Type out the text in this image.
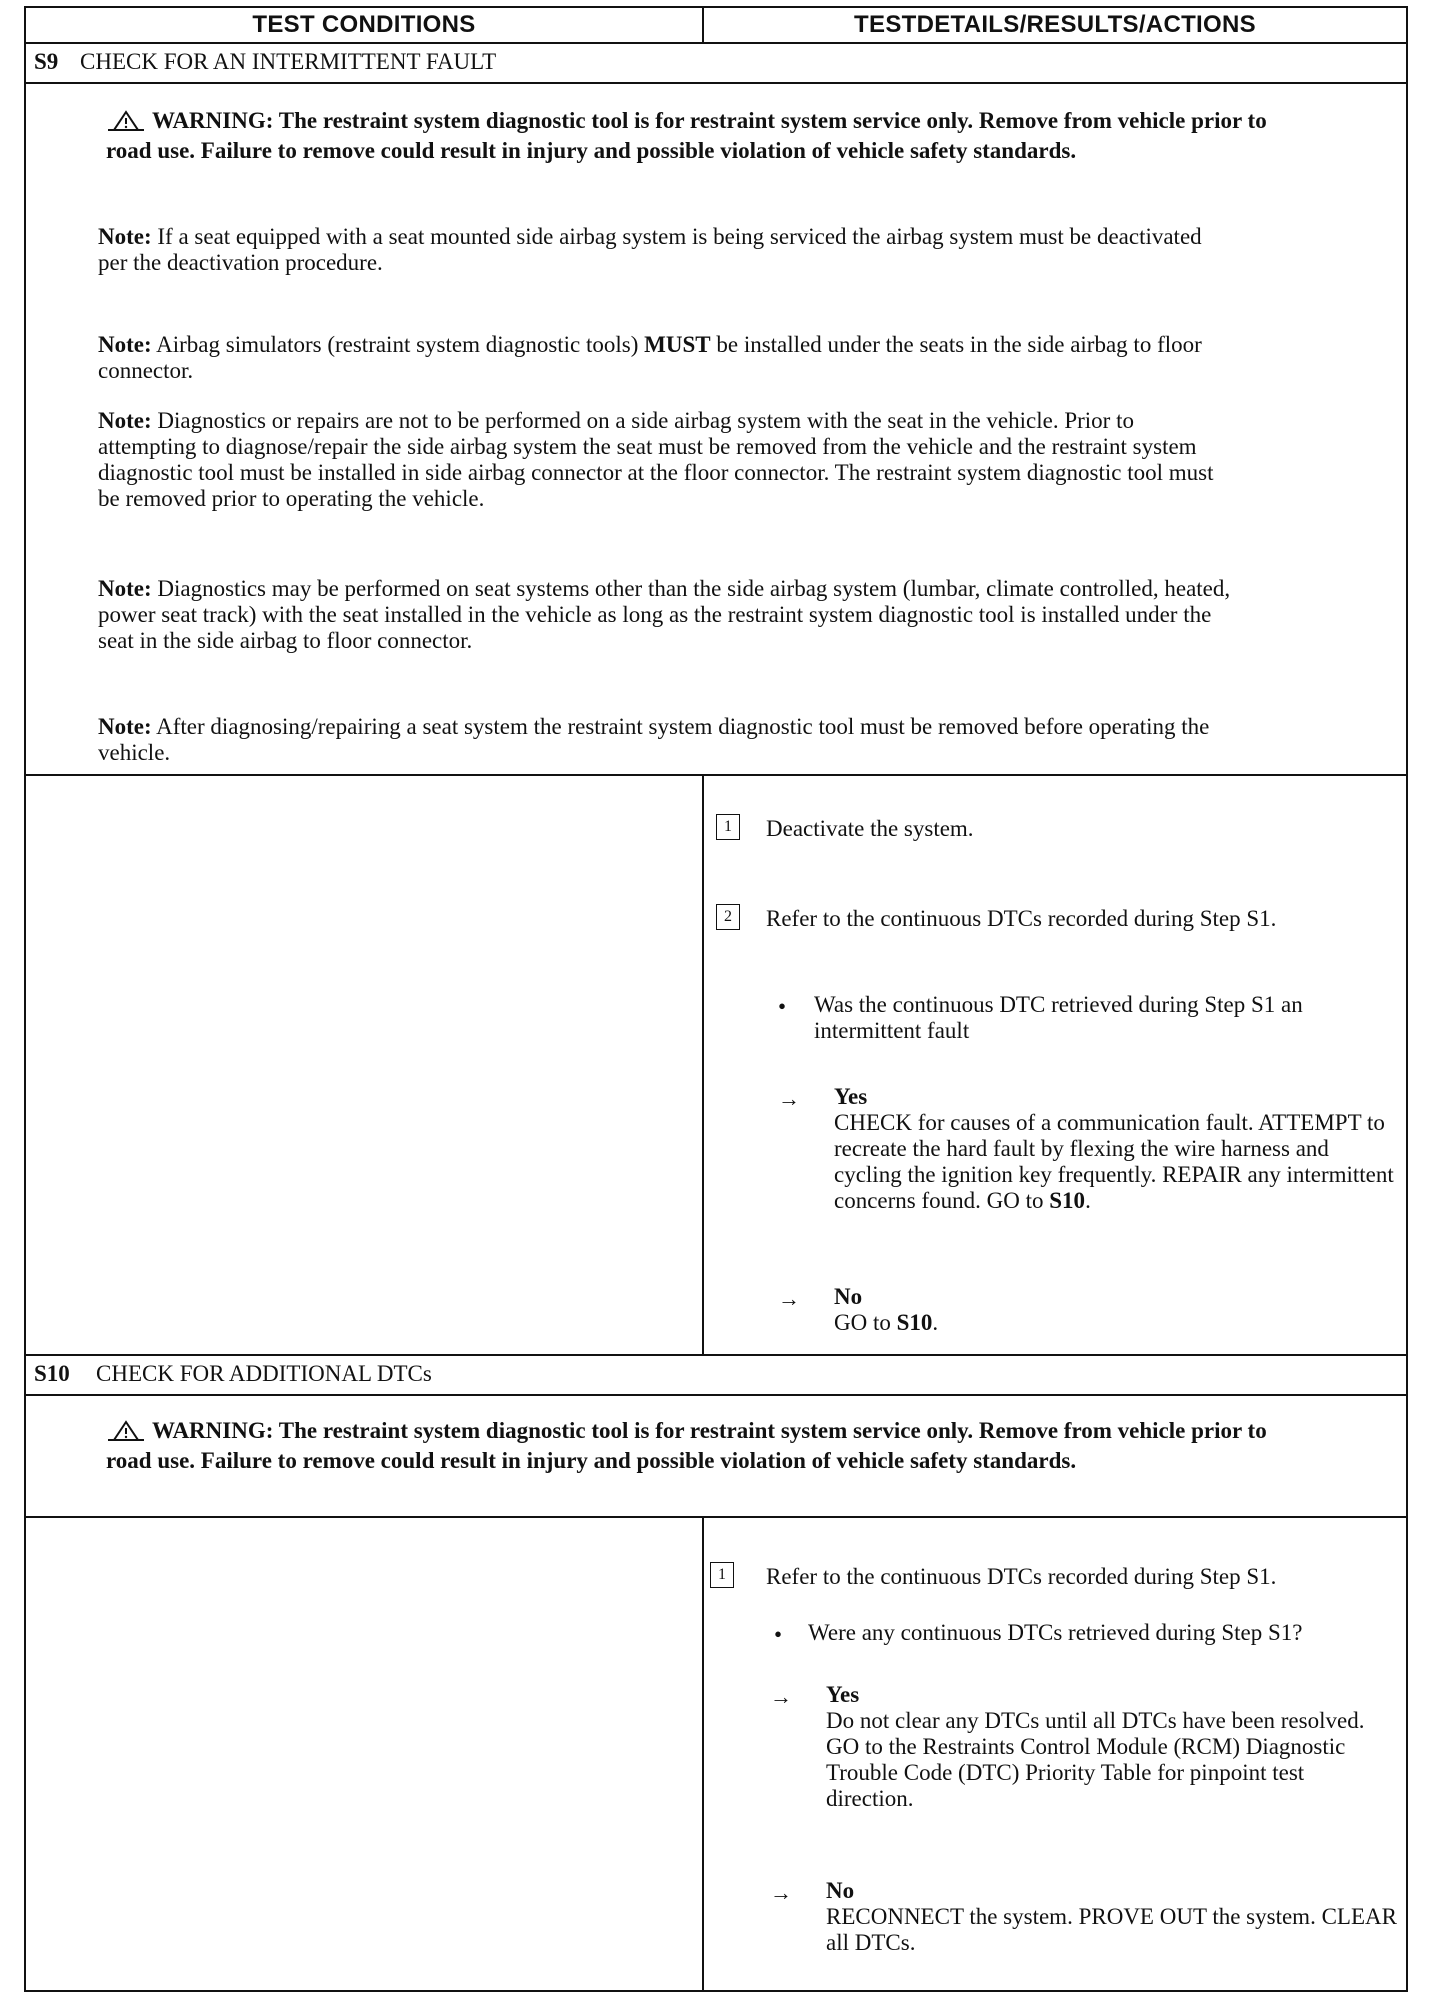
TEST CONDITIONS	TESTDETAILS/RESULTS/ACTIONS
S9 CHECK FOR AN INTERMITTENT FAULT
WARNING: The restraint system diagnostic tool is for restraint system service only. Remove from vehicle prior to road use. Failure to remove could result in injury and possible violation of vehicle safety standards.
Note: If a seat equipped with a seat mounted side airbag system is being serviced the airbag system must be deactivated per the deactivation procedure.
Note: Airbag simulators (restraint system diagnostic tools) MUST be installed under the seats in the side airbag to floor connector.
Note: Diagnostics or repairs are not to be performed on a side airbag system with the seat in the vehicle. Prior to attempting to diagnose/repair the side airbag system the seat must be removed from the vehicle and the restraint system diagnostic tool must be installed in side airbag connector at the floor connector. The restraint system diagnostic tool must be removed prior to operating the vehicle.
Note: Diagnostics may be performed on seat systems other than the side airbag system (lumbar, climate controlled, heated, power seat track) with the seat installed in the vehicle as long as the restraint system diagnostic tool is installed under the seat in the side airbag to floor connector.
Note: After diagnosing/repairing a seat system the restraint system diagnostic tool must be removed before operating the vehicle.
1	Deactivate the system.
2	Refer to the continuous DTCs recorded during Step S1.
• Was the continuous DTC retrieved during Step S1 an intermittent fault
→ Yes
CHECK for causes of a communication fault. ATTEMPT to recreate the hard fault by flexing the wire harness and cycling the ignition key frequently. REPAIR any intermittent concerns found. GO to S10.
→ No
GO to S10.
S10 CHECK FOR ADDITIONAL DTCs
WARNING: The restraint system diagnostic tool is for restraint system service only. Remove from vehicle prior to road use. Failure to remove could result in injury and possible violation of vehicle safety standards.
1	Refer to the continuous DTCs recorded during Step S1.
• Were any continuous DTCs retrieved during Step S1?
→ Yes
Do not clear any DTCs until all DTCs have been resolved. GO to the Restraints Control Module (RCM) Diagnostic Trouble Code (DTC) Priority Table for pinpoint test direction.
→ No
RECONNECT the system. PROVE OUT the system. CLEAR all DTCs.
